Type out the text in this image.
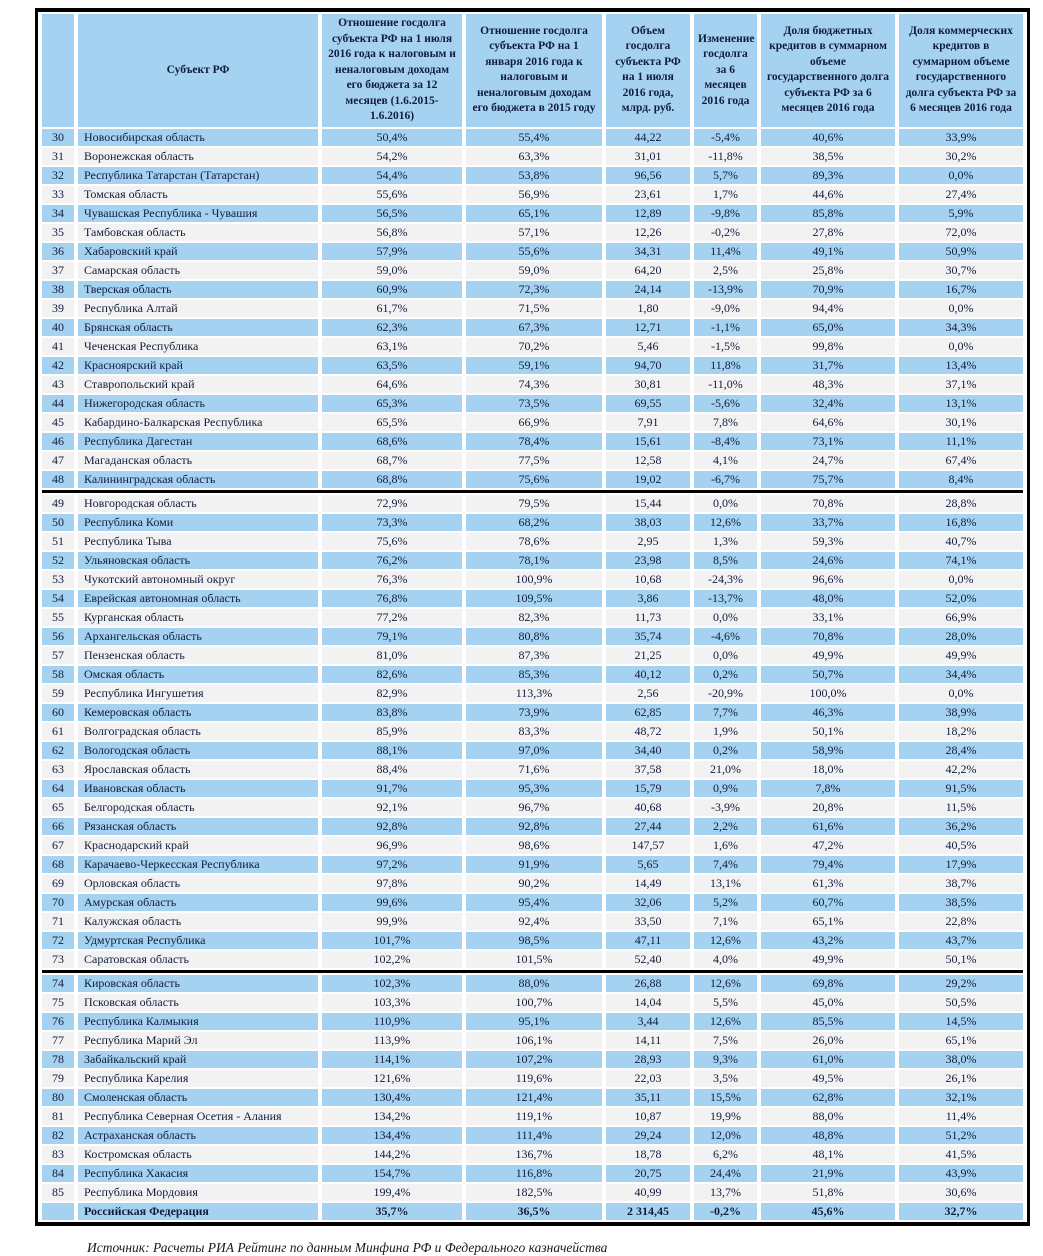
	Субъект РФ	Отношение госдолга субъекта РФ на 1 июля 2016 года к налоговым и неналоговым доходам его бюджета за 12 месяцев (1.6.2015-1.6.2016)	Отношение госдолга субъекта РФ на 1 января 2016 года к налоговым и неналоговым доходам его бюджета в 2015 году	Объем госдолга субъекта РФ на 1 июля 2016 года, млрд. руб.	Изменение госдолга за 6 месяцев 2016 года	Доля бюджетных кредитов в суммарном объеме государственного долга субъекта РФ за 6 месяцев 2016 года	Доля коммерческих кредитов в суммарном объеме государственного долга субъекта РФ за 6 месяцев 2016 года
30	Новосибирская область	50,4%	55,4%	44,22	-5,4%	40,6%	33,9%
31	Воронежская область	54,2%	63,3%	31,01	-11,8%	38,5%	30,2%
32	Республика Татарстан (Татарстан)	54,4%	53,8%	96,56	5,7%	89,3%	0,0%
33	Томская область	55,6%	56,9%	23,61	1,7%	44,6%	27,4%
34	Чувашская Республика - Чувашия	56,5%	65,1%	12,89	-9,8%	85,8%	5,9%
35	Тамбовская область	56,8%	57,1%	12,26	-0,2%	27,8%	72,0%
36	Хабаровский край	57,9%	55,6%	34,31	11,4%	49,1%	50,9%
37	Самарская область	59,0%	59,0%	64,20	2,5%	25,8%	30,7%
38	Тверская область	60,9%	72,3%	24,14	-13,9%	70,9%	16,7%
39	Республика Алтай	61,7%	71,5%	1,80	-9,0%	94,4%	0,0%
40	Брянская область	62,3%	67,3%	12,71	-1,1%	65,0%	34,3%
41	Чеченская Республика	63,1%	70,2%	5,46	-1,5%	99,8%	0,0%
42	Красноярский край	63,5%	59,1%	94,70	11,8%	31,7%	13,4%
43	Ставропольский край	64,6%	74,3%	30,81	-11,0%	48,3%	37,1%
44	Нижегородская область	65,3%	73,5%	69,55	-5,6%	32,4%	13,1%
45	Кабардино-Балкарская Республика	65,5%	66,9%	7,91	7,8%	64,6%	30,1%
46	Республика Дагестан	68,6%	78,4%	15,61	-8,4%	73,1%	11,1%
47	Магаданская область	68,7%	77,5%	12,58	4,1%	24,7%	67,4%
48	Калининградская область	68,8%	75,6%	19,02	-6,7%	75,7%	8,4%

49	Новгородская область	72,9%	79,5%	15,44	0,0%	70,8%	28,8%
50	Республика Коми	73,3%	68,2%	38,03	12,6%	33,7%	16,8%
51	Республика Тыва	75,6%	78,6%	2,95	1,3%	59,3%	40,7%
52	Ульяновская область	76,2%	78,1%	23,98	8,5%	24,6%	74,1%
53	Чукотский автономный округ	76,3%	100,9%	10,68	-24,3%	96,6%	0,0%
54	Еврейская автономная область	76,8%	109,5%	3,86	-13,7%	48,0%	52,0%
55	Курганская область	77,2%	82,3%	11,73	0,0%	33,1%	66,9%
56	Архангельская область	79,1%	80,8%	35,74	-4,6%	70,8%	28,0%
57	Пензенская область	81,0%	87,3%	21,25	0,0%	49,9%	49,9%
58	Омская область	82,6%	85,3%	40,12	0,2%	50,7%	34,4%
59	Республика Ингушетия	82,9%	113,3%	2,56	-20,9%	100,0%	0,0%
60	Кемеровская область	83,8%	73,9%	62,85	7,7%	46,3%	38,9%
61	Волгоградская область	85,9%	83,3%	48,72	1,9%	50,1%	18,2%
62	Вологодская область	88,1%	97,0%	34,40	0,2%	58,9%	28,4%
63	Ярославская область	88,4%	71,6%	37,58	21,0%	18,0%	42,2%
64	Ивановская область	91,7%	95,3%	15,79	0,9%	7,8%	91,5%
65	Белгородская область	92,1%	96,7%	40,68	-3,9%	20,8%	11,5%
66	Рязанская область	92,8%	92,8%	27,44	2,2%	61,6%	36,2%
67	Краснодарский край	96,9%	98,6%	147,57	1,6%	47,2%	40,5%
68	Карачаево-Черкесская Республика	97,2%	91,9%	5,65	7,4%	79,4%	17,9%
69	Орловская область	97,8%	90,2%	14,49	13,1%	61,3%	38,7%
70	Амурская область	99,6%	95,4%	32,06	5,2%	60,7%	38,5%
71	Калужская область	99,9%	92,4%	33,50	7,1%	65,1%	22,8%
72	Удмуртская Республика	101,7%	98,5%	47,11	12,6%	43,2%	43,7%
73	Саратовская область	102,2%	101,5%	52,40	4,0%	49,9%	50,1%

74	Кировская область	102,3%	88,0%	26,88	12,6%	69,8%	29,2%
75	Псковская область	103,3%	100,7%	14,04	5,5%	45,0%	50,5%
76	Республика Калмыкия	110,9%	95,1%	3,44	12,6%	85,5%	14,5%
77	Республика Марий Эл	113,9%	106,1%	14,11	7,5%	26,0%	65,1%
78	Забайкальский край	114,1%	107,2%	28,93	9,3%	61,0%	38,0%
79	Республика Карелия	121,6%	119,6%	22,03	3,5%	49,5%	26,1%
80	Смоленская область	130,4%	121,4%	35,11	15,5%	62,8%	32,1%
81	Республика Северная Осетия - Алания	134,2%	119,1%	10,87	19,9%	88,0%	11,4%
82	Астраханская область	134,4%	111,4%	29,24	12,0%	48,8%	51,2%
83	Костромская область	144,2%	136,7%	18,78	6,2%	48,1%	41,5%
84	Республика Хакасия	154,7%	116,8%	20,75	24,4%	21,9%	43,9%
85	Республика Мордовия	199,4%	182,5%	40,99	13,7%	51,8%	30,6%
	Российская Федерация	35,7%	36,5%	2 314,45	-0,2%	45,6%	32,7%
Источник: Расчеты РИА Рейтинг по данным Минфина РФ и Федерального казначейства
